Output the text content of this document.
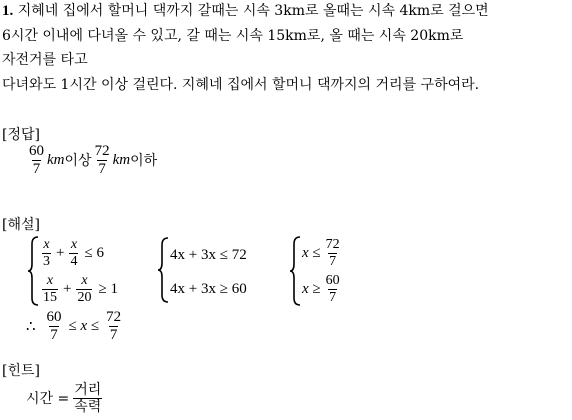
1. 지혜네 집에서 할머니 댁까지 갈때는 시속 3km로 올때는 시속 4km로 걸으면
6시간 이내에 다녀올 수 있고, 갈 때는 시속 15km로, 올 때는 시속 20km로
자전거를 타고
다녀와도 1시간 이상 걸린다. 지혜네 집에서 할머니 댁까지의 거리를 구하여라.
[정답]
$\frac{60}{7}$ km 이상 $\frac{72}{7}$ km 이하
[해설]
$\frac{x}{3} + \frac{x}{4} \le 6$
$\frac{x}{15} + \frac{x}{20} \ge 1$
4x + 3x ≤ 72
4x + 3x ≥ 60
$x \le \frac{72}{7}$
$x \ge \frac{60}{7}$
∴ $\frac{60}{7} \le x \le \frac{72}{7}$
[힌트]
시간 = $\frac{\text{거리}}{\text{속력}}$
